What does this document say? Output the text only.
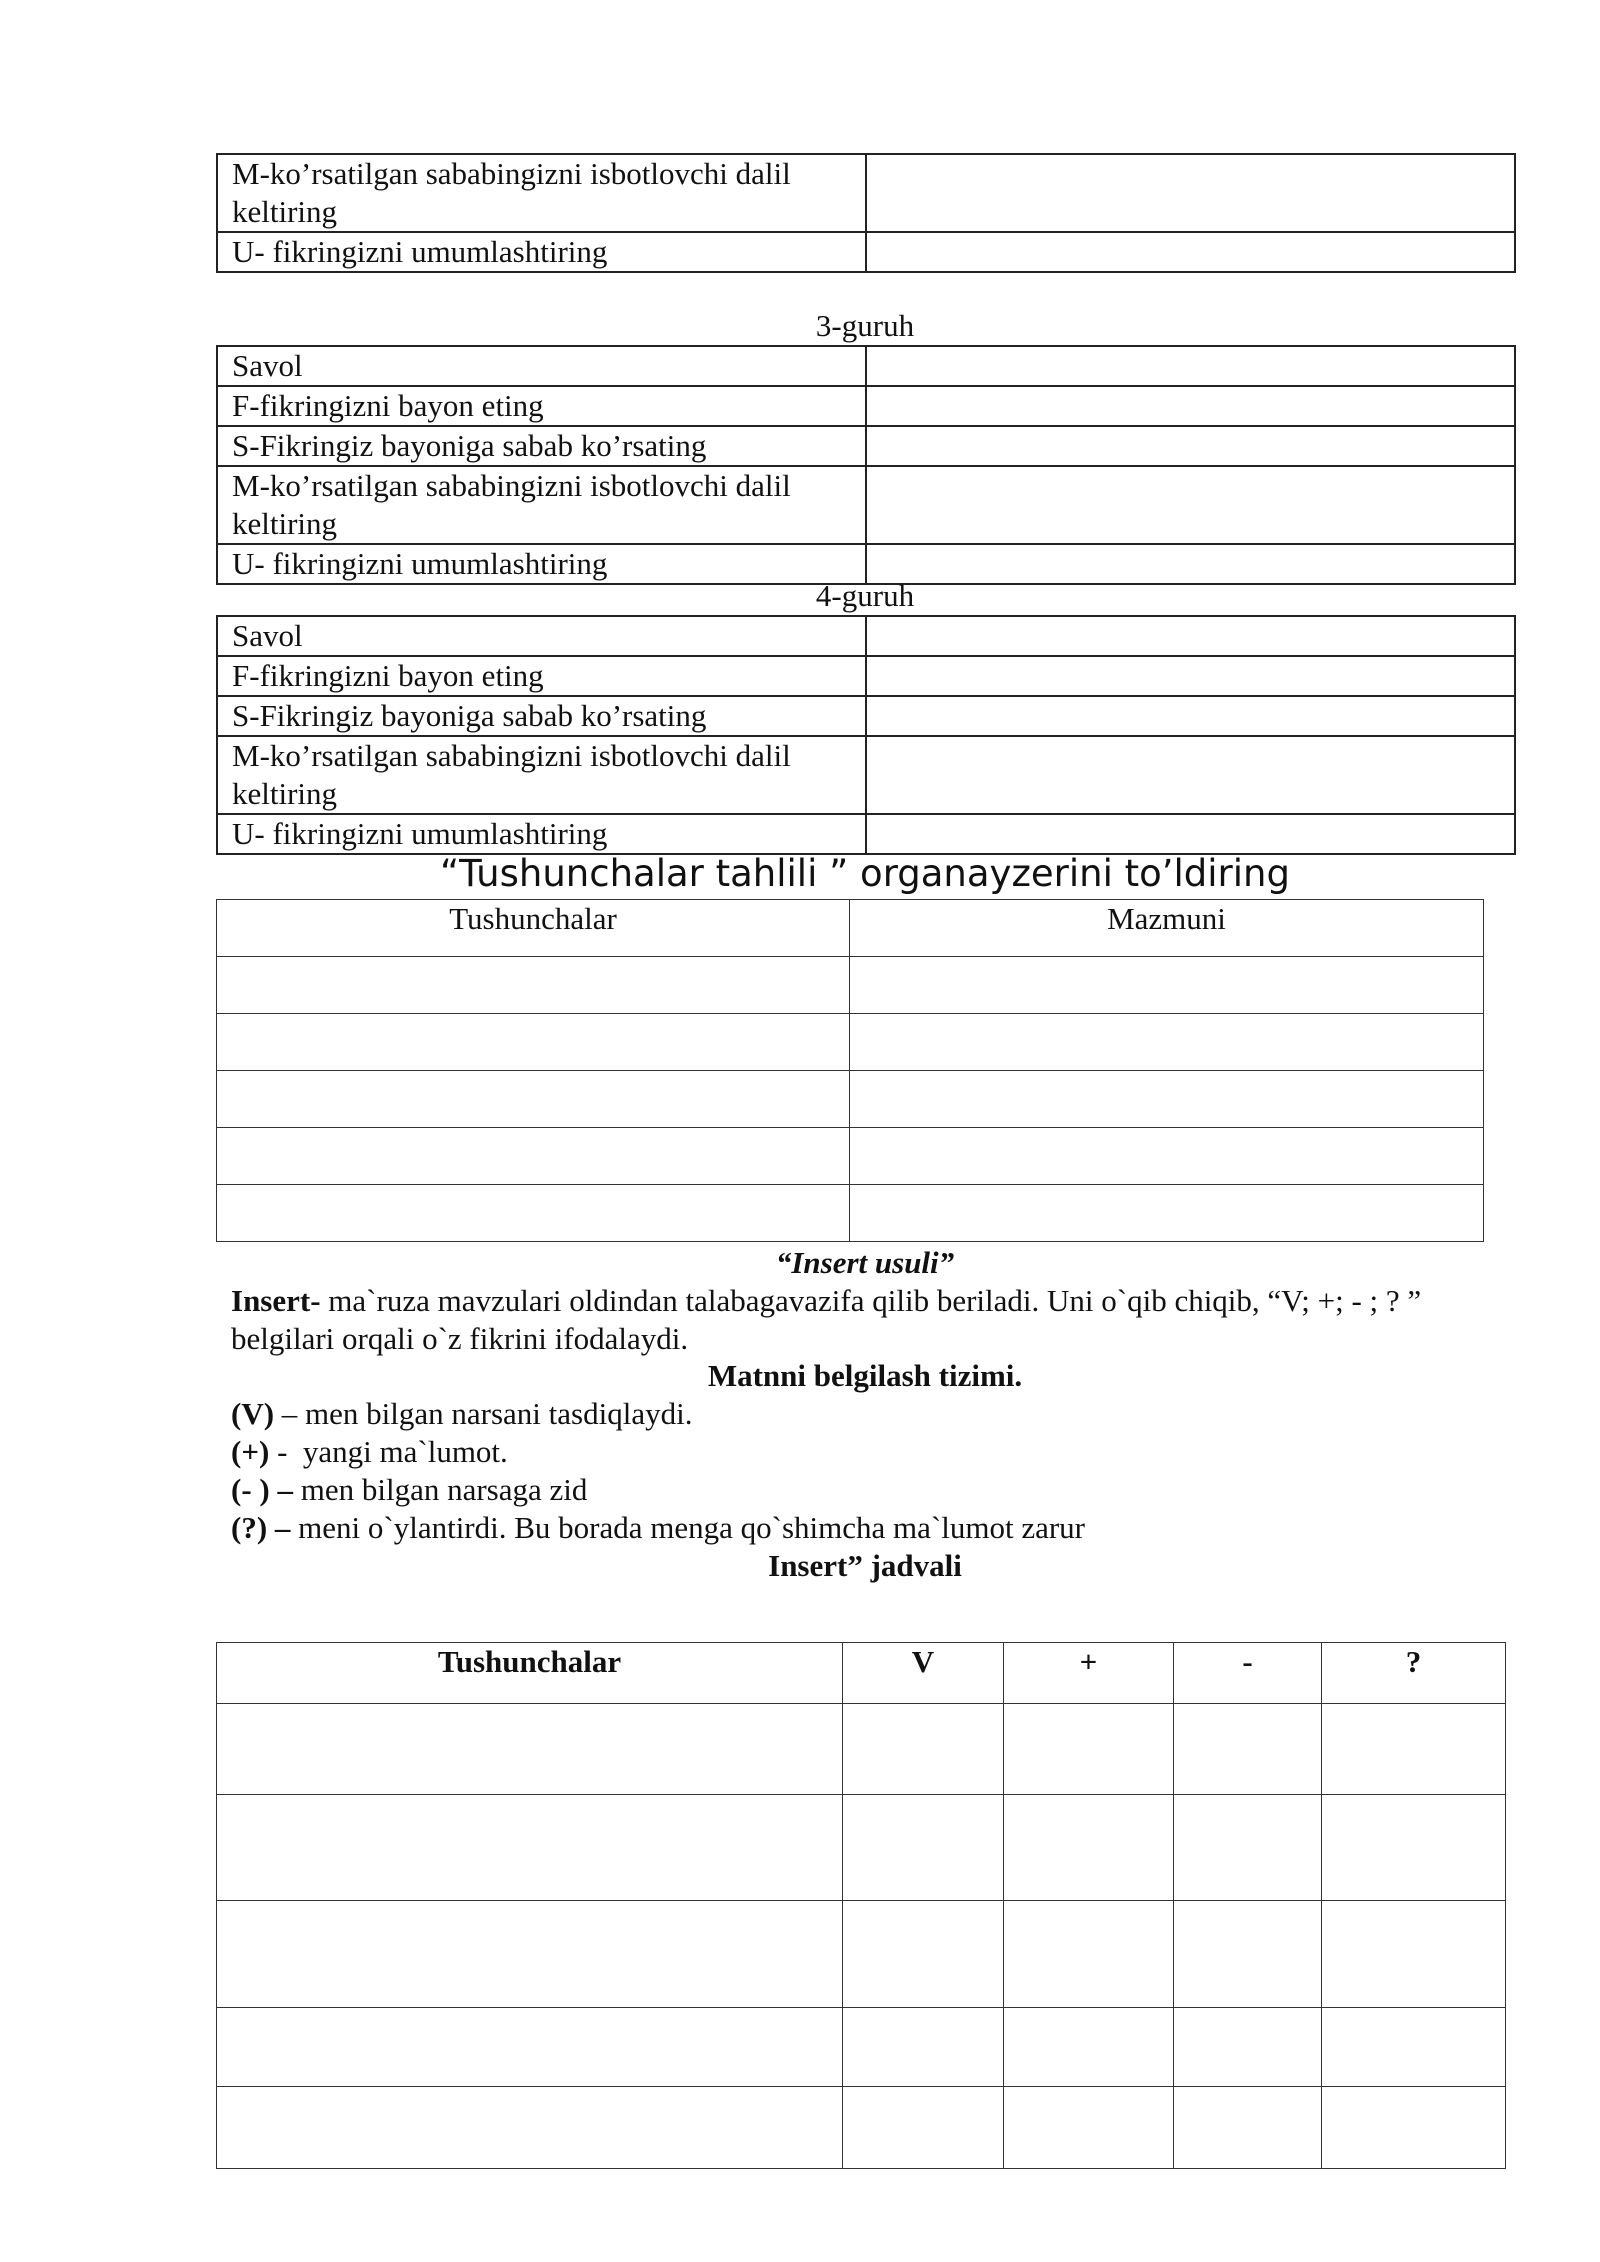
M-ko’rsatilgan sababingizni isbotlovchi dalil keltiring	
U- fikringizni umumlashtiring	
3-guruh
Savol	
F-fikringizni bayon eting	
S-Fikringiz bayoniga sabab ko’rsating	
M-ko’rsatilgan sababingizni isbotlovchi dalil keltiring	
U- fikringizni umumlashtiring	
4-guruh
Savol	
F-fikringizni bayon eting	
S-Fikringiz bayoniga sabab ko’rsating	
M-ko’rsatilgan sababingizni isbotlovchi dalil keltiring	
U- fikringizni umumlashtiring	
“Tushunchalar tahlili ” organayzerini to’ldiring
Tushunchalar	Mazmuni

“Insert usuli”
Insert- ma`ruza mavzulari oldindan talabagavazifa qilib beriladi. Uni o`qib chiqib, “V; +; - ; ? ” belgilari orqali o`z fikrini ifodalaydi.
Matnni belgilash tizimi.
(V) – men bilgan narsani tasdiqlaydi.
(+) -  yangi ma`lumot.
(- ) – men bilgan narsaga zid
(?) – meni o`ylantirdi. Bu borada menga qo`shimcha ma`lumot zarur
Insert” jadvali
Tushunchalar	V	+	-	?
